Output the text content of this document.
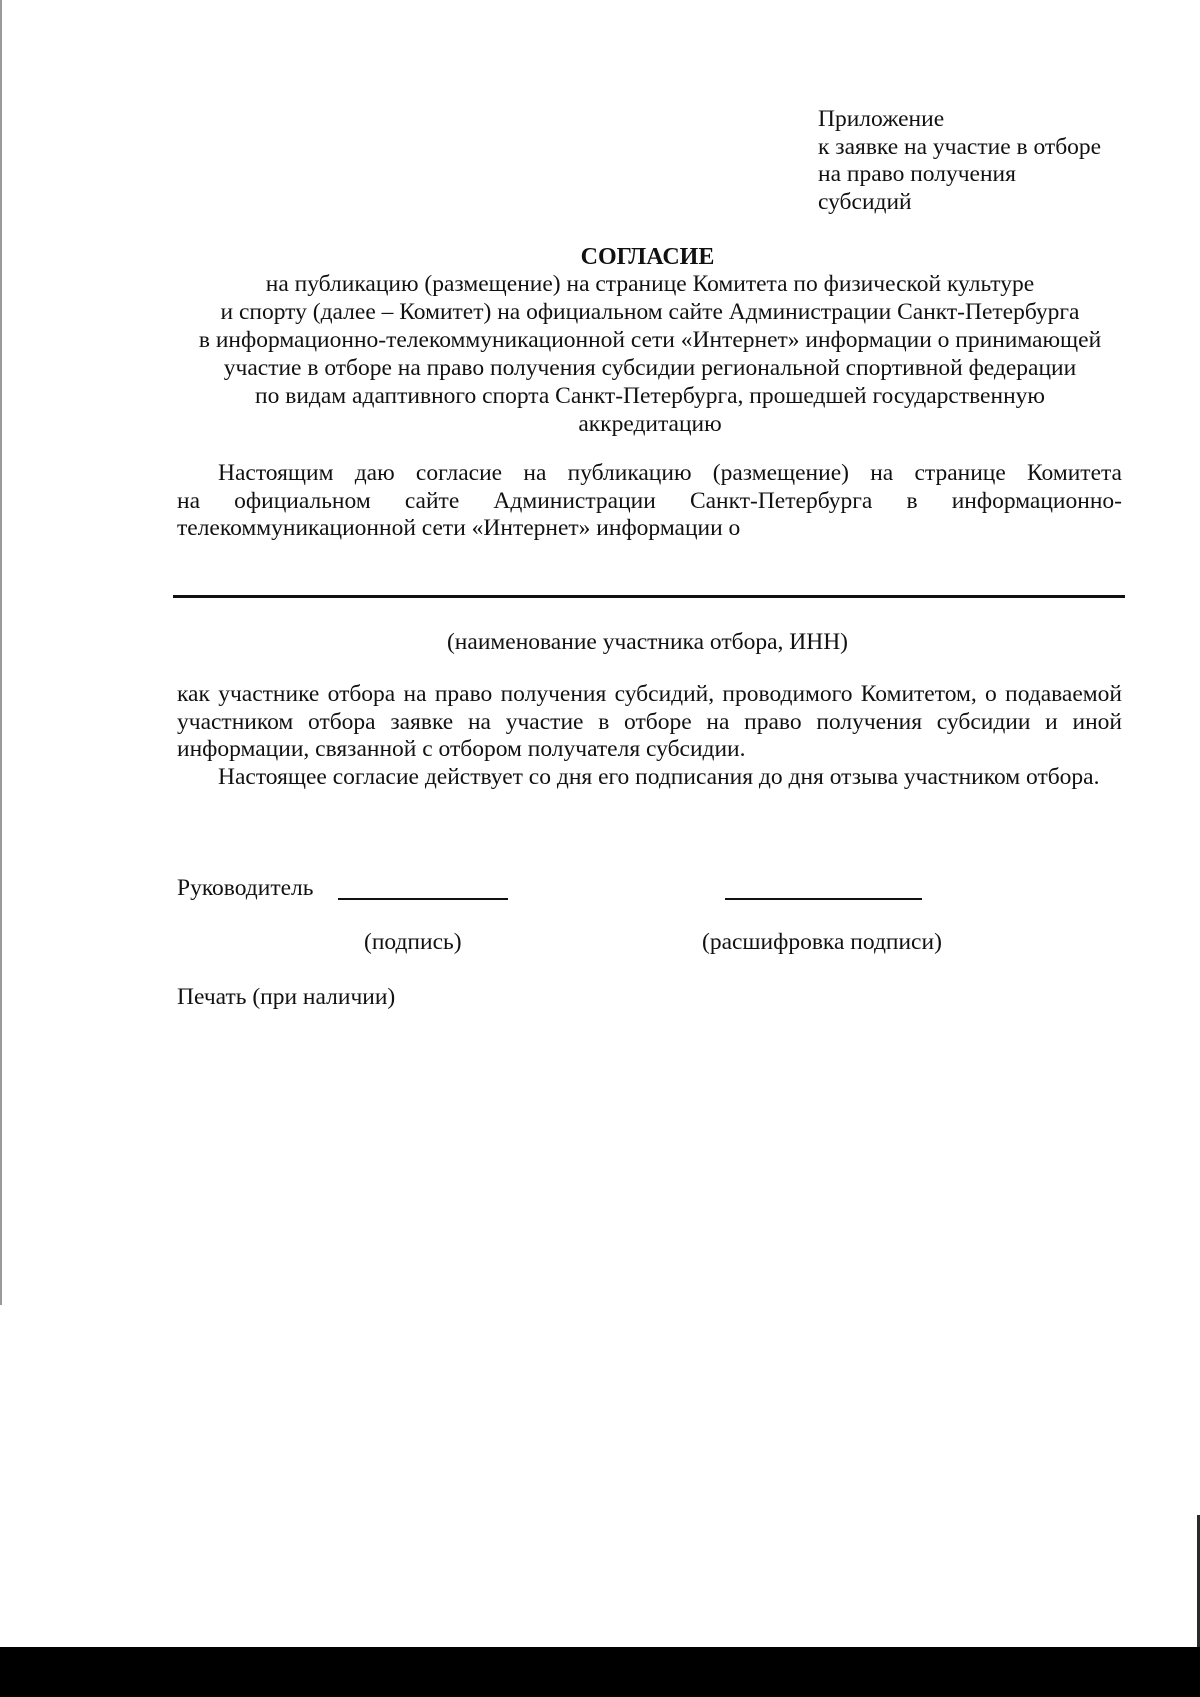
Приложение
к заявке на участие в отборе
на право получения
субсидий
СОГЛАСИЕ
на публикацию (размещение) на странице Комитета по физической культуре
и спорту (далее – Комитет) на официальном сайте Администрации Санкт-Петербурга
в информационно-телекоммуникационной сети «Интернет» информации о принимающей
участие в отборе на право получения субсидии региональной спортивной федерации
по видам адаптивного спорта Санкт-Петербурга, прошедшей государственную
аккредитацию
Настоящим даю согласие на публикацию (размещение) на странице Комитета
на официальном сайте Администрации Санкт-Петербурга в информационно-
телекоммуникационной сети «Интернет» информации о
(наименование участника отбора, ИНН)
как участнике отбора на право получения субсидий, проводимого Комитетом, о подаваемой
участником отбора заявке на участие в отборе на право получения субсидии и иной
информации, связанной с отбором получателя субсидии.
Настоящее согласие действует со дня его подписания до дня отзыва участником отбора.
Руководитель
(подпись)	(расшифровка подписи)
Печать (при наличии)
